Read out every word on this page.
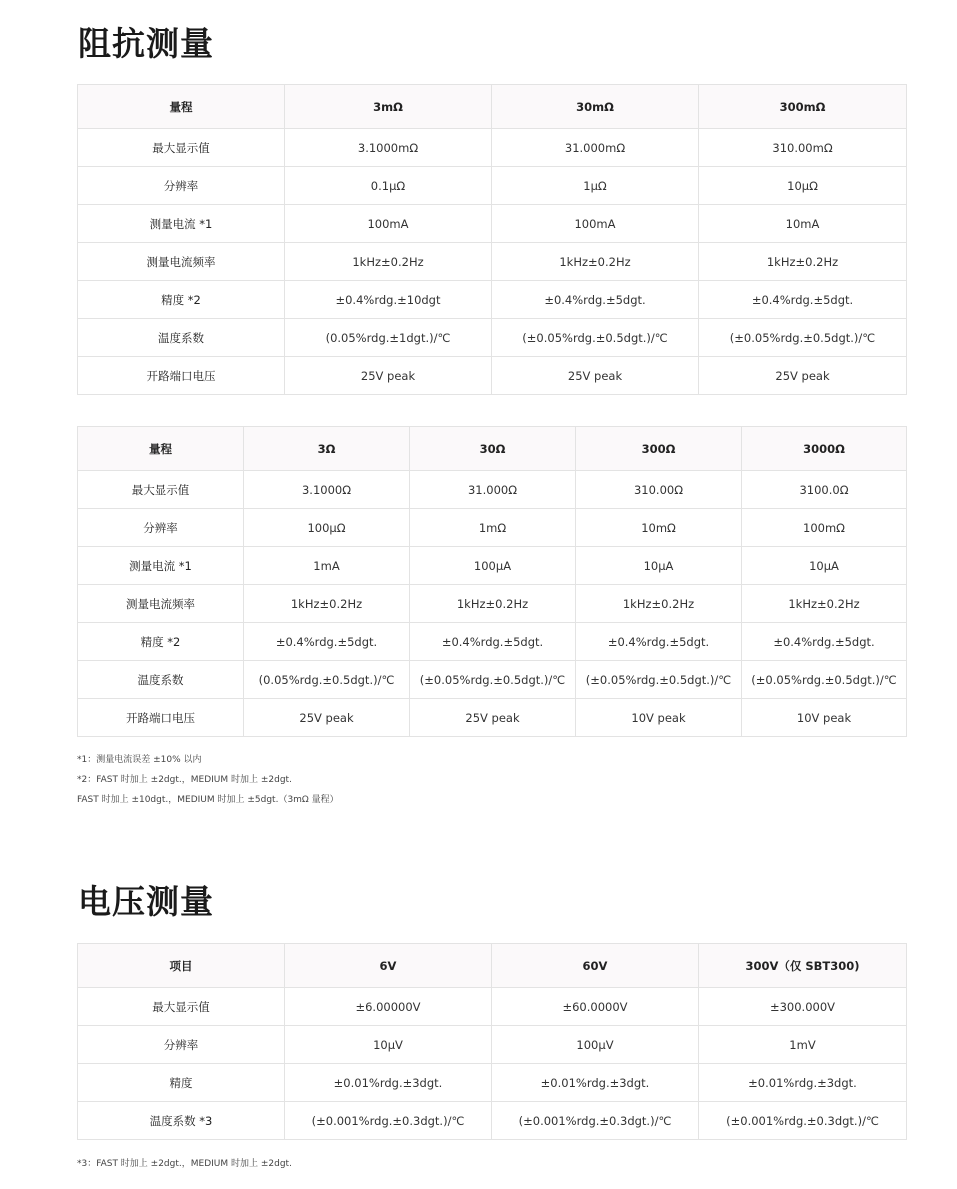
阻抗测量
量程	3mΩ	30mΩ	300mΩ
最大显示值	3.1000mΩ	31.000mΩ	310.00mΩ
分辨率	0.1μΩ	1μΩ	10μΩ
测量电流 *1	100mA	100mA	10mA
测量电流频率	1kHz±0.2Hz	1kHz±0.2Hz	1kHz±0.2Hz
精度 *2	±0.4%rdg.±10dgt	±0.4%rdg.±5dgt.	±0.4%rdg.±5dgt.
温度系数	(0.05%rdg.±1dgt.)/℃	(±0.05%rdg.±0.5dgt.)/℃	(±0.05%rdg.±0.5dgt.)/℃
开路端口电压	25V peak	25V peak	25V peak
量程	3Ω	30Ω	300Ω	3000Ω
最大显示值	3.1000Ω	31.000Ω	310.00Ω	3100.0Ω
分辨率	100μΩ	1mΩ	10mΩ	100mΩ
测量电流 *1	1mA	100μA	10μA	10μA
测量电流频率	1kHz±0.2Hz	1kHz±0.2Hz	1kHz±0.2Hz	1kHz±0.2Hz
精度 *2	±0.4%rdg.±5dgt.	±0.4%rdg.±5dgt.	±0.4%rdg.±5dgt.	±0.4%rdg.±5dgt.
温度系数	(0.05%rdg.±0.5dgt.)/℃	(±0.05%rdg.±0.5dgt.)/℃	(±0.05%rdg.±0.5dgt.)/℃	(±0.05%rdg.±0.5dgt.)/℃
开路端口电压	25V peak	25V peak	10V peak	10V peak
*1：测量电流误差 ±10% 以内
*2：FAST 时加上 ±2dgt.，MEDIUM 时加上 ±2dgt.
FAST 时加上 ±10dgt.，MEDIUM 时加上 ±5dgt.（3mΩ 量程）
电压测量
项目	6V	60V	300V（仅 SBT300)
最大显示值	±6.00000V	±60.0000V	±300.000V
分辨率	10μV	100μV	1mV
精度	±0.01%rdg.±3dgt.	±0.01%rdg.±3dgt.	±0.01%rdg.±3dgt.
温度系数 *3	(±0.001%rdg.±0.3dgt.)/℃	(±0.001%rdg.±0.3dgt.)/℃	(±0.001%rdg.±0.3dgt.)/℃
*3：FAST 时加上 ±2dgt.，MEDIUM 时加上 ±2dgt.
